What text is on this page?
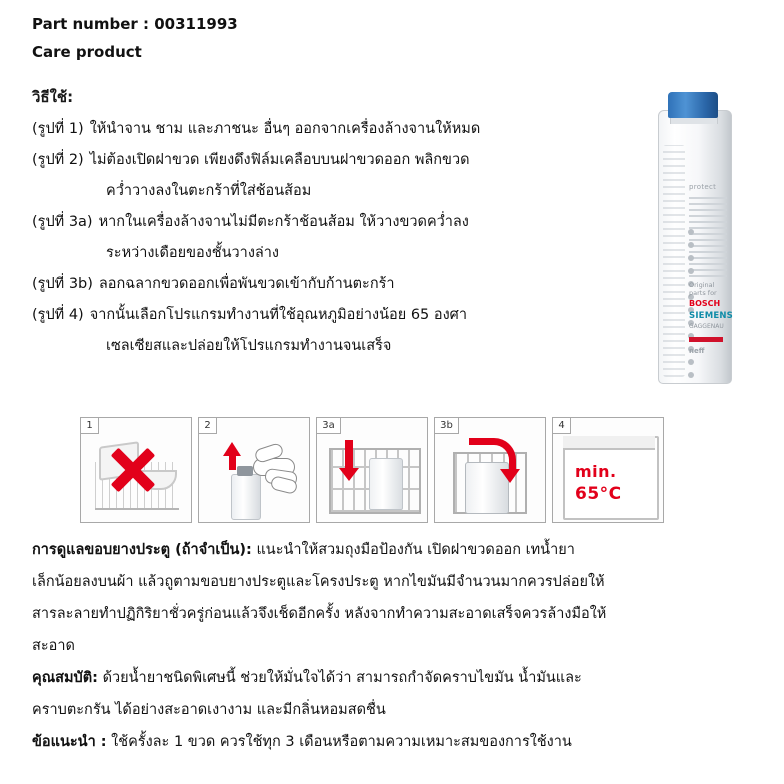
Part number : 00311993
Care product
วิธีใช้:
(รูปที่ 1) ให้นำจาน ชาม และภาชนะ อื่นๆ ออกจากเครื่องล้างจานให้หมด
(รูปที่ 2) ไม่ต้องเปิดฝาขวด เพียงดึงฟิล์มเคลือบบนฝาขวดออก พลิกขวด
คว่ำวางลงในตะกร้าที่ใส่ช้อนส้อม
(รูปที่ 3a) หากในเครื่องล้างจานไม่มีตะกร้าช้อนส้อม ให้วางขวดคว่ำลง
ระหว่างเดือยของชั้นวางล่าง
(รูปที่ 3b) ลอกฉลากขวดออกเพื่อพันขวดเข้ากับก้านตะกร้า
(รูปที่ 4) จากนั้นเลือกโปรแกรมทำงานที่ใช้อุณหภูมิอย่างน้อย 65 องศา
เซลเซียสและปล่อยให้โปรแกรมทำงานจนเสร็จ
protect
Original parts for
BOSCH
SIEMENS
GAGGENAU
neff
1	2	3a	3b	4
min.
65°C

การดูแลขอบยางประตู (ถ้าจำเป็น): แนะนำให้สวมถุงมือป้องกัน เปิดฝาขวดออก เทน้ำยา

เล็กน้อยลงบนผ้า แล้วถูตามขอบยางประตูและโครงประตู หากไขมันมีจำนวนมากควรปล่อยให้

สารละลายทำปฏิกิริยาชั่วครู่ก่อนแล้วจึงเช็ดอีกครั้ง หลังจากทำความสะอาดเสร็จควรล้างมือให้

สะอาด

คุณสมบัติ: ด้วยน้ำยาชนิดพิเศษนี้ ช่วยให้มั่นใจได้ว่า สามารถกำจัดคราบไขมัน น้ำมันและ

คราบตะกรัน ได้อย่างสะอาดเงางาม และมีกลิ่นหอมสดชื่น

ข้อแนะนำ : ใช้ครั้งละ 1 ขวด ควรใช้ทุก 3 เดือนหรือตามความเหมาะสมของการใช้งาน
